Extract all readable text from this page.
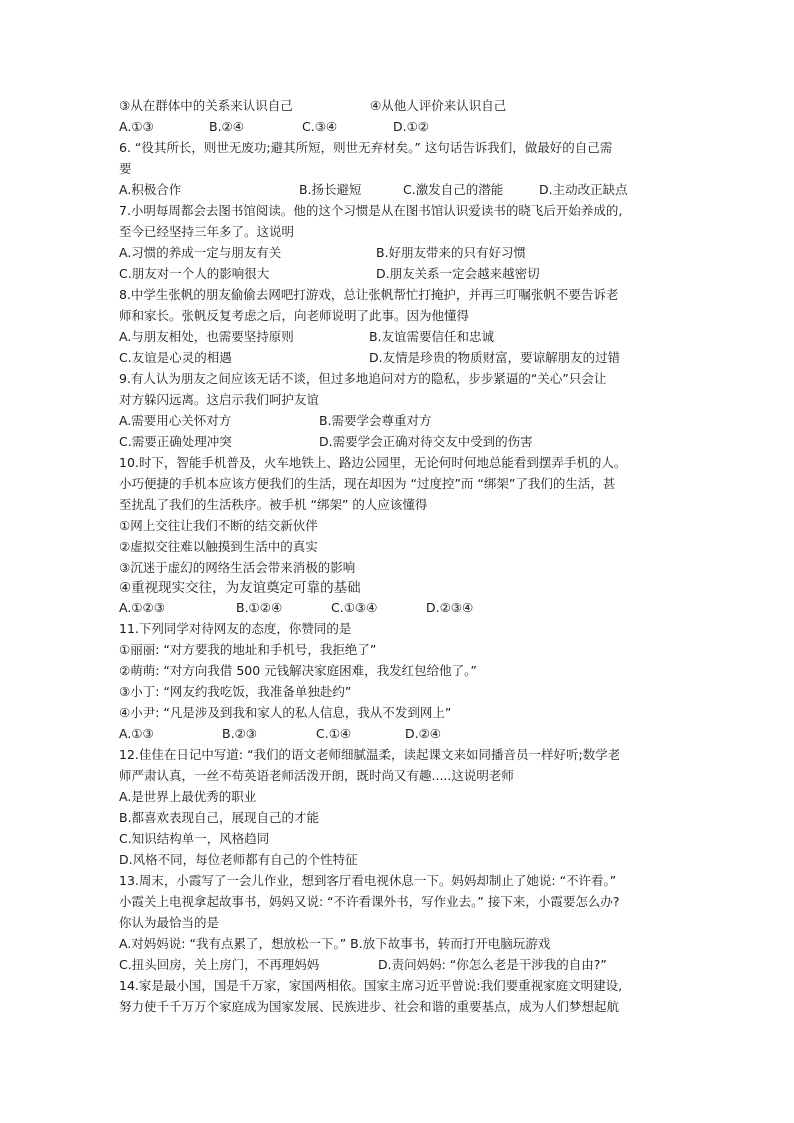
③从在群体中的关系来认识自己	④从他人评价来认识自己
A.①③	B.②④	C.③④	D.①②
6. “役其所长，则世无废功;避其所短，则世无弃材矣。” 这句话告诉我们，做最好的自己需
要
A.积极合作	B.扬长避短	C.激发自己的潜能	D.主动改正缺点
7.小明每周都会去图书馆阅读。他的这个习惯是从在图书馆认识爱读书的晓飞后开始养成的,
至今已经坚持三年多了。这说明
A.习惯的养成一定与朋友有关	B.好朋友带来的只有好习惯
C.朋友对一个人的影响很大	D.朋友关系一定会越来越密切
8.中学生张帆的朋友偷偷去网吧打游戏，总让张帆帮忙打掩护，并再三叮嘱张帆不要告诉老
师和家长。张帆反复考虑之后，向老师说明了此事。因为他懂得
A.与朋友相处，也需要坚持原则	B.友谊需要信任和忠诚
C.友谊是心灵的相遇	D.友情是珍贵的物质财富，要谅解朋友的过错
9.有人认为朋友之间应该无话不谈，但过多地追问对方的隐私，步步紧逼的“关心”只会让
对方躲闪远离。这启示我们呵护友谊
A.需要用心关怀对方	B.需要学会尊重对方
C.需要正确处理冲突	D.需要学会正确对待交友中受到的伤害
10.时下，智能手机普及，火车地铁上、路边公园里，无论何时何地总能看到摆弄手机的人。
小巧便捷的手机本应该方便我们的生活，现在却因为 “过度控”而 “绑架”了我们的生活，甚
至扰乱了我们的生活秩序。被手机 “绑架” 的人应该懂得
①网上交往让我们不断的结交新伙伴
②虚拟交往难以触摸到生活中的真实
③沉迷于虚幻的网络生活会带来消极的影响
④重视现实交往，为友谊奠定可靠的基础
A.①②③	B.①②④	C.①③④	D.②③④
11.下列同学对待网友的态度，你赞同的是
①丽丽: “对方要我的地址和手机号，我拒绝了”
②萌萌: “对方向我借 500 元钱解决家庭困难，我发红包给他了。”
③小丁: “网友约我吃饭，我准备单独赴约”
④小尹: “凡是涉及到我和家人的私人信息，我从不发到网上”
A.①③	B.②③	C.①④	D.②④
12.佳佳在日记中写道: “我们的语文老师细腻温柔，读起课文来如同播音员一样好听;数学老
师严肃认真，一丝不苟英语老师活泼开朗，既时尚又有趣.....这说明老师
A.是世界上最优秀的职业
B.都喜欢表现自己，展现自己的才能
C.知识结构单一，风格趋同
D.风格不同，每位老师都有自己的个性特征
13.周末，小霞写了一会儿作业，想到客厅看电视休息一下。妈妈却制止了她说: “不许看。”
小霞关上电视拿起故事书，妈妈又说: “不许看课外书，写作业去。” 接下来，小霞要怎么办?
你认为最恰当的是
A.对妈妈说: “我有点累了，想放松一下。” B.放下故事书，转而打开电脑玩游戏
C.扭头回房，关上房门，不再理妈妈	D.责问妈妈: “你怎么老是干涉我的自由?”
14.家是最小国，国是千万家，家国两相依。国家主席习近平曾说:我们要重视家庭文明建设,
努力使千千万万个家庭成为国家发展、民族进步、社会和谐的重要基点，成为人们梦想起航
